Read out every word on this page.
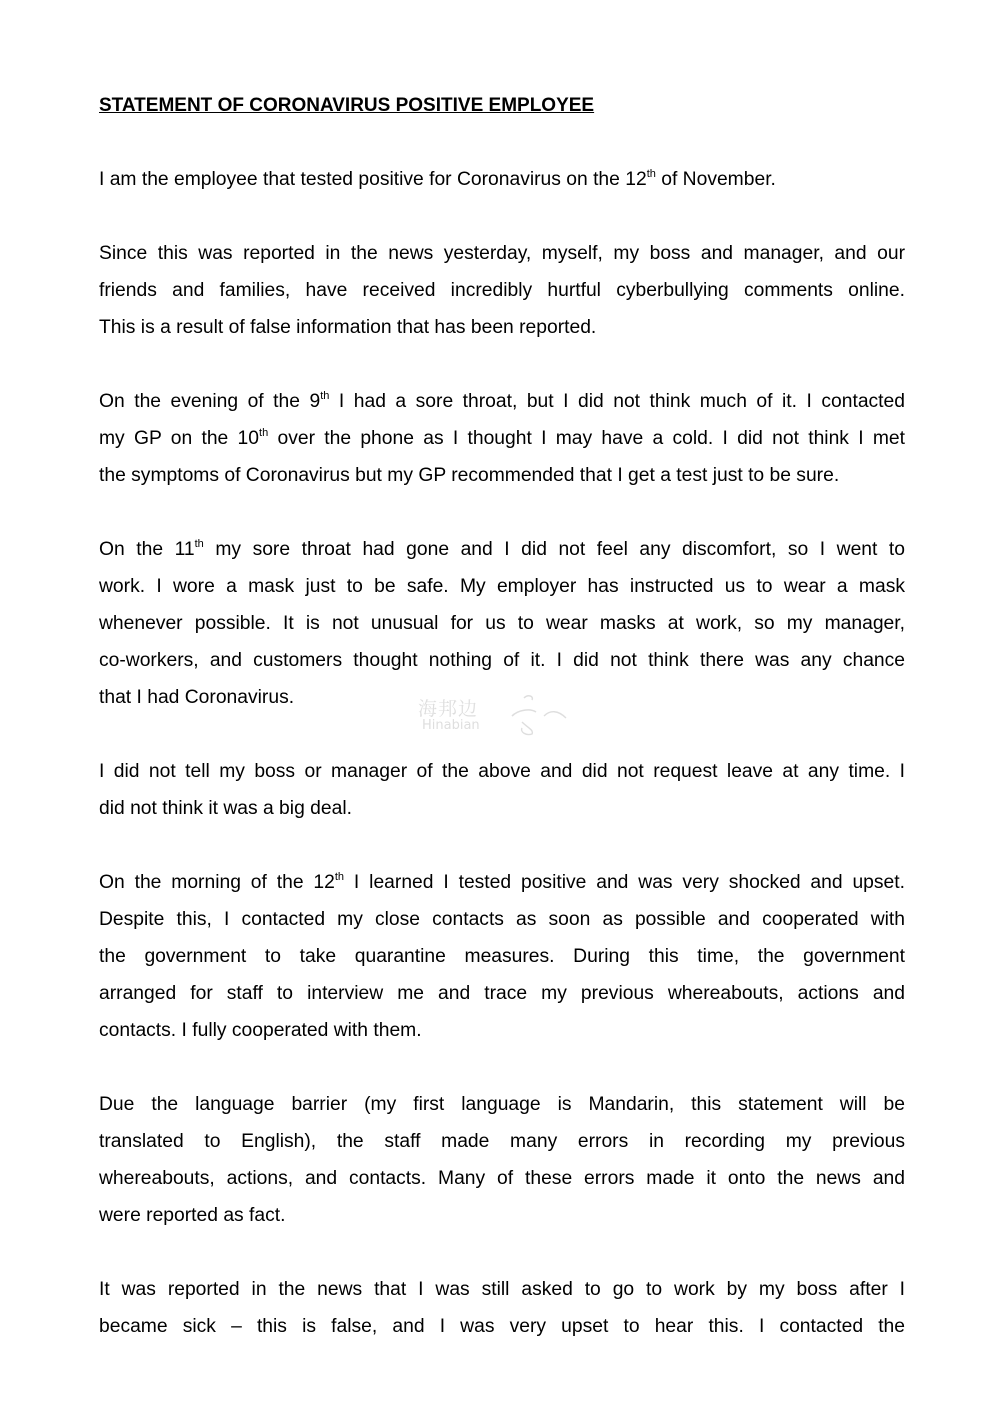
STATEMENT OF CORONAVIRUS POSITIVE EMPLOYEE

I am the employee that tested positive for Coronavirus on the 12th of November.

Since this was reported in the news yesterday, myself, my boss and manager, and our
friends and families, have received incredibly hurtful cyberbullying comments online.
This is a result of false information that has been reported.

On the evening of the 9th I had a sore throat, but I did not think much of it. I contacted
my GP on the 10th over the phone as I thought I may have a cold. I did not think I met
the symptoms of Coronavirus but my GP recommended that I get a test just to be sure.

On the 11th my sore throat had gone and I did not feel any discomfort, so I went to
work. I wore a mask just to be safe. My employer has instructed us to wear a mask
whenever possible. It is not unusual for us to wear masks at work, so my manager,
co-workers, and customers thought nothing of it. I did not think there was any chance
that I had Coronavirus.

海邦边
Hinabian

I did not tell my boss or manager of the above and did not request leave at any time. I
did not think it was a big deal.

On the morning of the 12th I learned I tested positive and was very shocked and upset.
Despite this, I contacted my close contacts as soon as possible and cooperated with
the government to take quarantine measures. During this time, the government
arranged for staff to interview me and trace my previous whereabouts, actions and
contacts. I fully cooperated with them.

Due the language barrier (my first language is Mandarin, this statement will be
translated to English), the staff made many errors in recording my previous
whereabouts, actions, and contacts. Many of these errors made it onto the news and
were reported as fact.

It was reported in the news that I was still asked to go to work by my boss after I
became sick – this is false, and I was very upset to hear this. I contacted the
